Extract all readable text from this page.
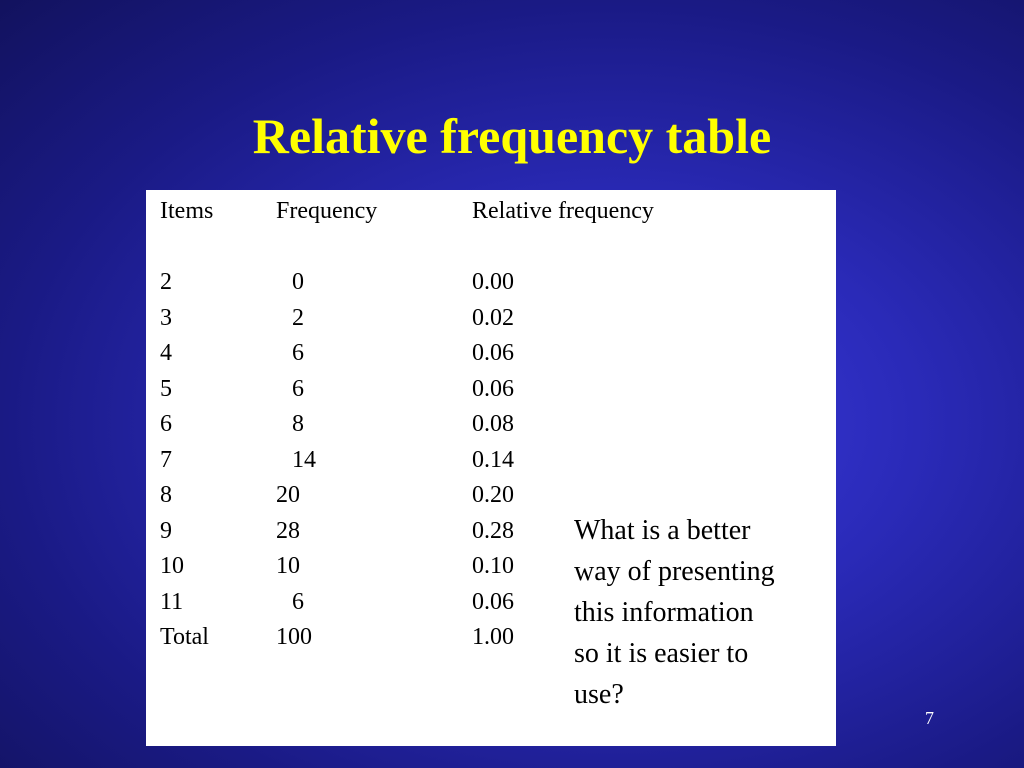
Relative frequency table
Items	Frequency	Relative frequency
2	0	0.00
3	2	0.02
4	6	0.06
5	6	0.06
6	8	0.08
7	14	0.14
8	20	0.20
9	28	0.28
10	10	0.10
11	6	0.06
Total	100	1.00
What is a better
way of presenting
this information
so it is easier to
use?
7
